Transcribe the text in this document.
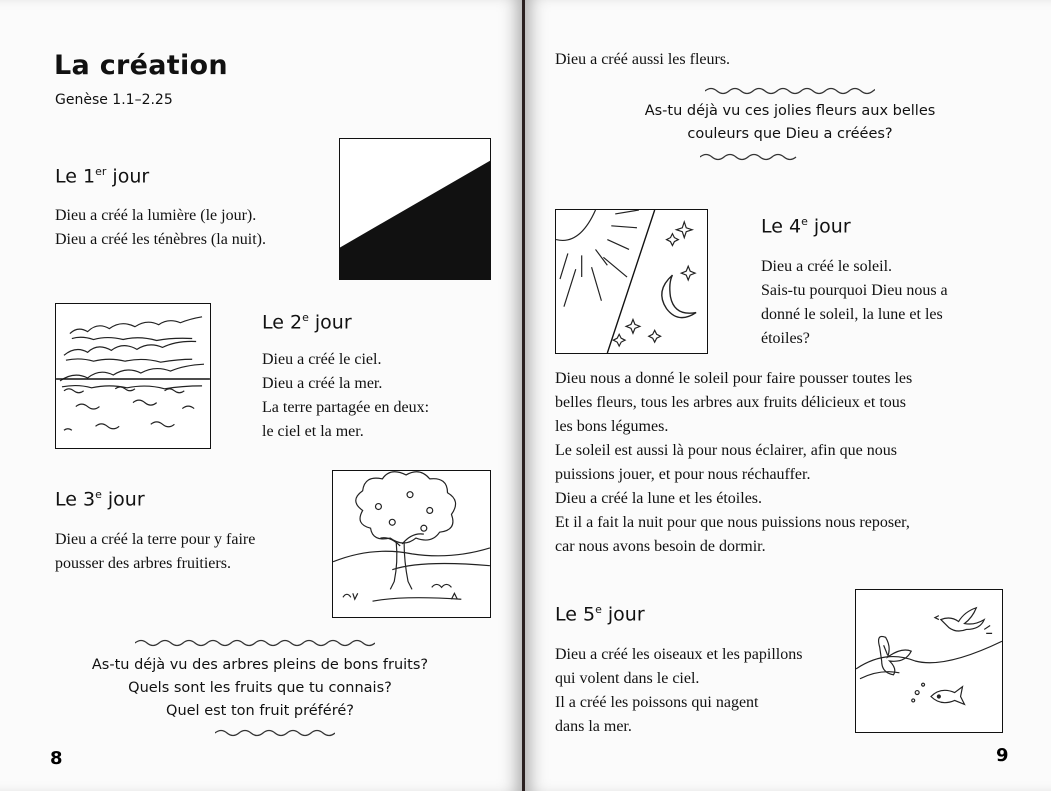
La création
Genèse 1.1–2.25
Le 1er jour
Dieu a créé la lumière (le jour).
Dieu a créé les ténèbres (la nuit).
Le 2e jour
Dieu a créé le ciel.
Dieu a créé la mer.
La terre partagée en deux:
le ciel et la mer.
Le 3e jour
Dieu a créé la terre pour y faire
pousser des arbres fruitiers.
As-tu déjà vu des arbres pleins de bons fruits?
Quels sont les fruits que tu connais?
Quel est ton fruit préféré?
8
Dieu a créé aussi les fleurs.
As-tu déjà vu ces jolies fleurs aux belles
couleurs que Dieu a créées?
Le 4e jour
Dieu a créé le soleil.
Sais-tu pourquoi Dieu nous a
donné le soleil, la lune et les
étoiles?
Dieu nous a donné le soleil pour faire pousser toutes les
belles fleurs, tous les arbres aux fruits délicieux et tous
les bons légumes.
Le soleil est aussi là pour nous éclairer, afin que nous
puissions jouer, et pour nous réchauffer.
Dieu a créé la lune et les étoiles.
Et il a fait la nuit pour que nous puissions nous reposer,
car nous avons besoin de dormir.
Le 5e jour
Dieu a créé les oiseaux et les papillons
qui volent dans le ciel.
Il a créé les poissons qui nagent
dans la mer.
9
